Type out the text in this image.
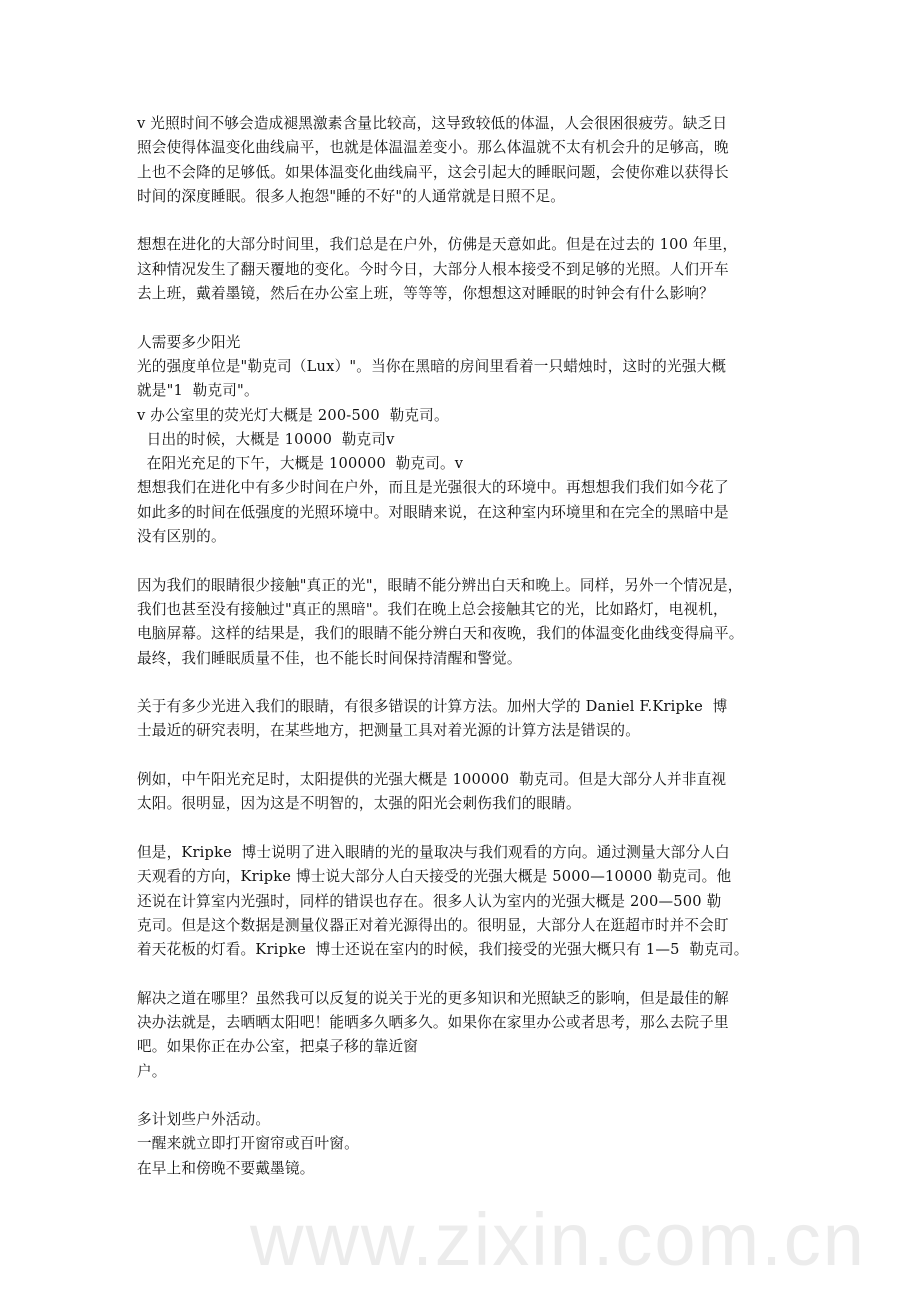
www.zixin.com.cn
v 光照时间不够会造成褪黑激素含量比较高，这导致较低的体温，人会很困很疲劳。缺乏日
照会使得体温变化曲线扁平，也就是体温温差变小。那么体温就不太有机会升的足够高，晚
上也不会降的足够低。如果体温变化曲线扁平，这会引起大的睡眠问题，会使你难以获得长
时间的深度睡眠。很多人抱怨"睡的不好"的人通常就是日照不足。
想想在进化的大部分时间里，我们总是在户外，仿佛是天意如此。但是在过去的 100 年里，
这种情况发生了翻天覆地的变化。今时今日，大部分人根本接受不到足够的光照。人们开车
去上班，戴着墨镜，然后在办公室上班，等等等，你想想这对睡眠的时钟会有什么影响？
人需要多少阳光
光的强度单位是"勒克司（Lux）"。当你在黑暗的房间里看着一只蜡烛时，这时的光强大概
就是"1  勒克司"。
v 办公室里的荧光灯大概是 200-500  勒克司。
日出的时候，大概是 10000  勒克司v
在阳光充足的下午，大概是 100000  勒克司。v
想想我们在进化中有多少时间在户外，而且是光强很大的环境中。再想想我们我们如今花了
如此多的时间在低强度的光照环境中。对眼睛来说，在这种室内环境里和在完全的黑暗中是
没有区别的。
因为我们的眼睛很少接触"真正的光"，眼睛不能分辨出白天和晚上。同样，另外一个情况是，
我们也甚至没有接触过"真正的黑暗"。我们在晚上总会接触其它的光，比如路灯，电视机，
电脑屏幕。这样的结果是，我们的眼睛不能分辨白天和夜晚，我们的体温变化曲线变得扁平。
最终，我们睡眠质量不佳，也不能长时间保持清醒和警觉。
关于有多少光进入我们的眼睛，有很多错误的计算方法。加州大学的 Daniel F.Kripke  博
士最近的研究表明，在某些地方，把测量工具对着光源的计算方法是错误的。
例如，中午阳光充足时，太阳提供的光强大概是 100000  勒克司。但是大部分人并非直视
太阳。很明显，因为这是不明智的，太强的阳光会刺伤我们的眼睛。
但是，Kripke  博士说明了进入眼睛的光的量取决与我们观看的方向。通过测量大部分人白
天观看的方向，Kripke 博士说大部分人白天接受的光强大概是 5000—10000 勒克司。他
还说在计算室内光强时，同样的错误也存在。很多人认为室内的光强大概是 200—500 勒
克司。但是这个数据是测量仪器正对着光源得出的。很明显，大部分人在逛超市时并不会盯
着天花板的灯看。Kripke  博士还说在室内的时候，我们接受的光强大概只有 1—5  勒克司。
解决之道在哪里？虽然我可以反复的说关于光的更多知识和光照缺乏的影响，但是最佳的解
决办法就是，去晒晒太阳吧！能晒多久晒多久。如果你在家里办公或者思考，那么去院子里
吧。如果你正在办公室，把桌子移的靠近窗
户。
多计划些户外活动。
一醒来就立即打开窗帘或百叶窗。
在早上和傍晚不要戴墨镜。
